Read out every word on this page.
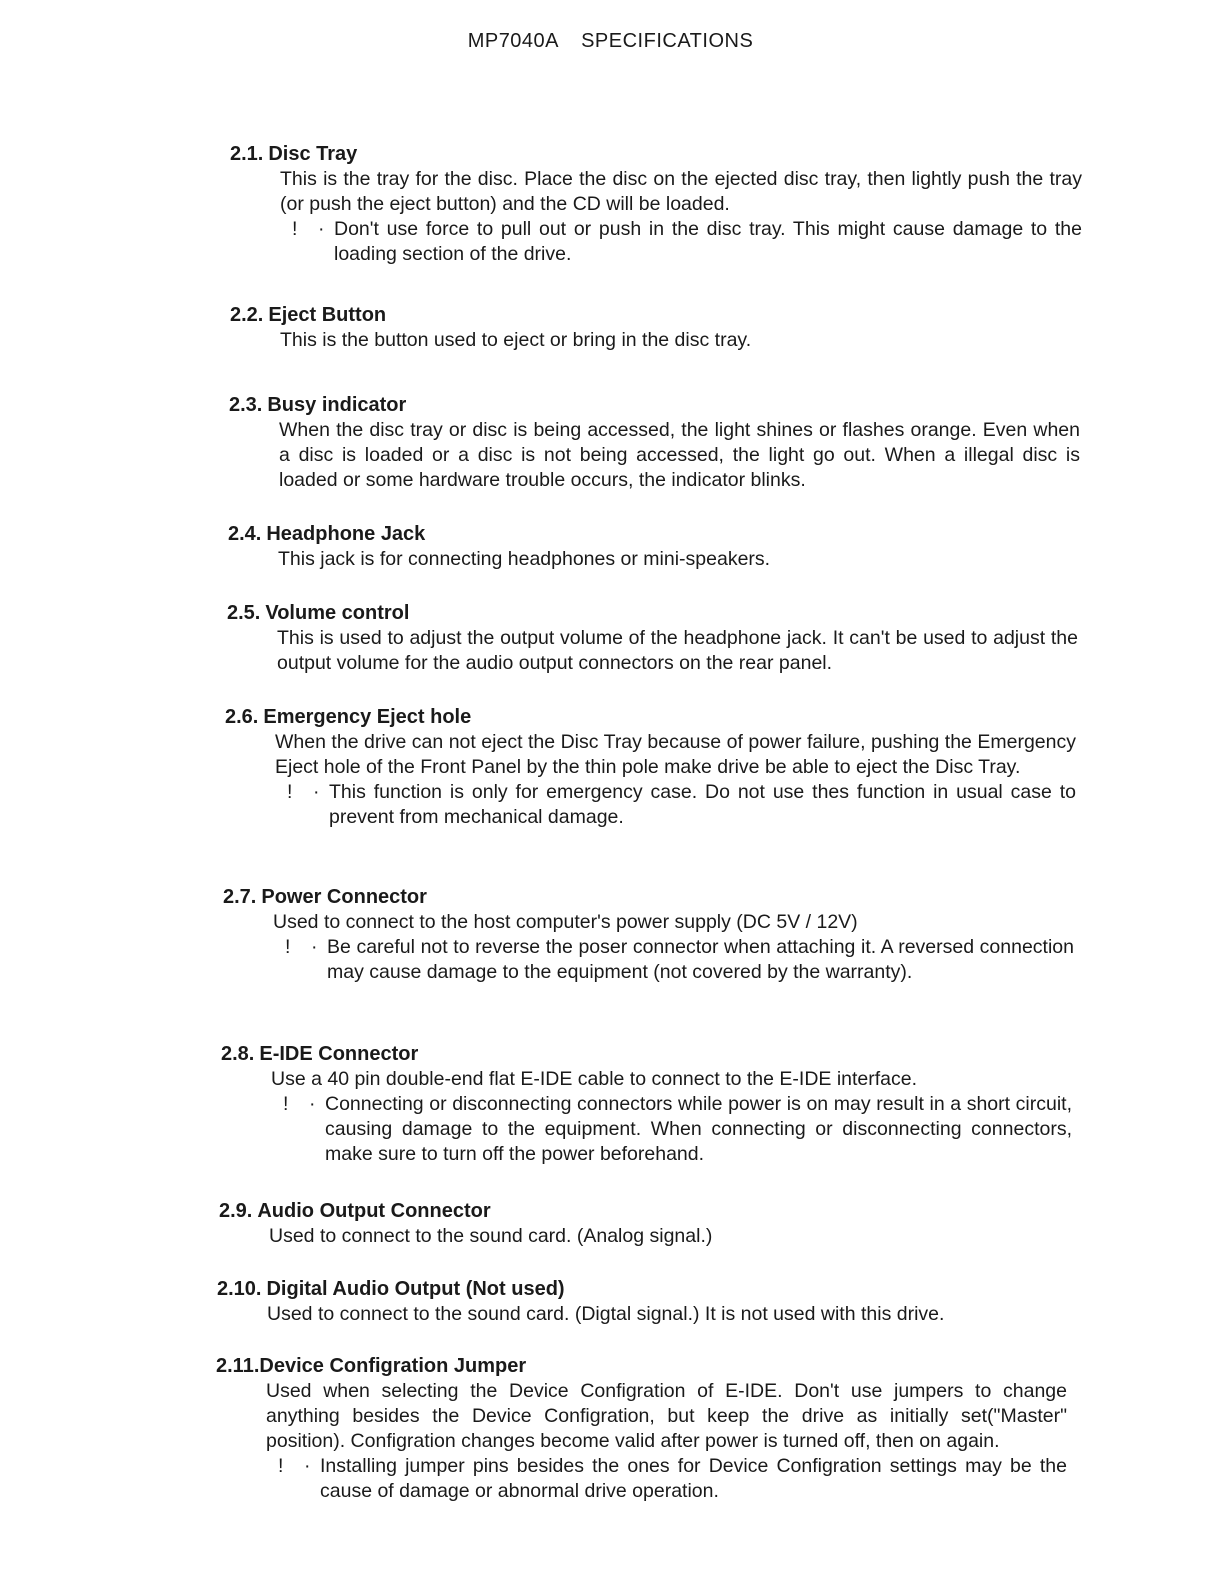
MP7040A SPECIFICATIONS
2.1. Disc Tray

This is the tray for the disc. Place the disc on the ejected disc tray, then lightly push the tray (or push the eject button) and the CD will be loaded.

!	· Don't use force to pull out or push in the disc tray. This might cause damage to the loading section of the drive.
2.2. Eject Button

This is the button used to eject or bring in the disc tray.

2.3. Busy indicator

When the disc tray or disc is being accessed, the light shines or flashes orange. Even when a disc is loaded or a disc is not being accessed, the light go out. When a illegal disc is loaded or some hardware trouble occurs, the indicator blinks.

2.4. Headphone Jack

This jack is for connecting headphones or mini-speakers.

2.5. Volume control

This is used to adjust the output volume of the headphone jack. It can't be used to adjust the output volume for the audio output connectors on the rear panel.

2.6. Emergency Eject hole

When the drive can not eject the Disc Tray because of power failure, pushing the Emergency Eject hole of the Front Panel by the thin pole make drive be able to eject the Disc Tray.

!	· This function is only for emergency case. Do not use thes function in usual case to prevent from mechanical damage.
2.7. Power Connector

Used to connect to the host computer's power supply (DC 5V / 12V)

!	· Be careful not to reverse the poser connector when attaching it. A reversed connection may cause damage to the equipment (not covered by the warranty).
2.8. E-IDE Connector

Use a 40 pin double-end flat E-IDE cable to connect to the E-IDE interface.

!	· Connecting or disconnecting connectors while power is on may result in a short circuit, causing damage to the equipment. When connecting or disconnecting connectors, make sure to turn off the power beforehand.
2.9. Audio Output Connector

Used to connect to the sound card. (Analog signal.)

2.10. Digital Audio Output (Not used)

Used to connect to the sound card. (Digtal signal.) It is not used with this drive.

2.11.Device Configration Jumper

Used when selecting the Device Configration of E-IDE. Don't use jumpers to change anything besides the Device Configration, but keep the drive as initially set("Master" position). Configration changes become valid after power is turned off, then on again.

!	· Installing jumper pins besides the ones for Device Configration settings may be the cause of damage or abnormal drive operation.
